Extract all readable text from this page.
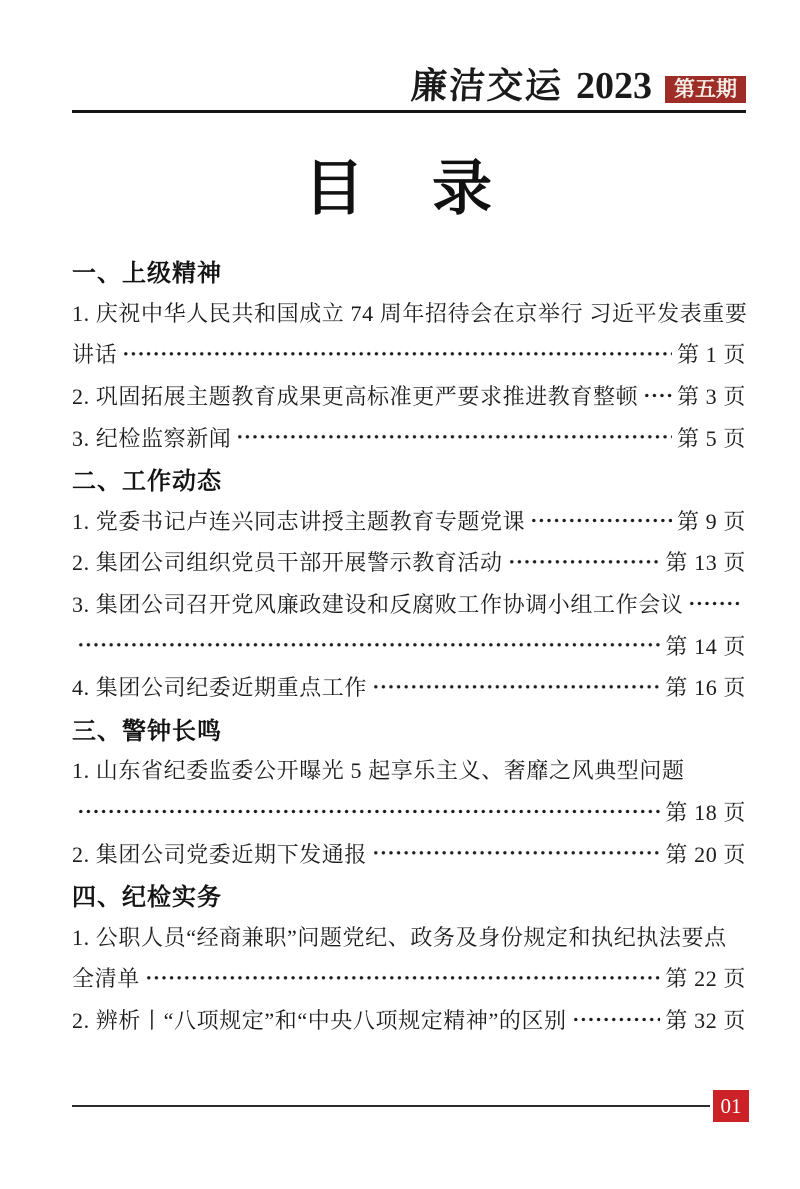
廉洁交运 2023	第五期
目　录
一、上级精神
1. 庆祝中华人民共和国成立 74 周年招待会在京举行 习近平发表重要
讲话	第 1 页
2. 巩固拓展主题教育成果更高标准更严要求推进教育整顿 第 3 页
3. 纪检监察新闻	第 5 页
二、工作动态
1. 党委书记卢连兴同志讲授主题教育专题党课	第 9 页
2. 集团公司组织党员干部开展警示教育活动	第 13 页
3. 集团公司召开党风廉政建设和反腐败工作协调小组工作会议
第 14 页
4. 集团公司纪委近期重点工作	第 16 页
三、警钟长鸣
1. 山东省纪委监委公开曝光 5 起享乐主义、奢靡之风典型问题
第 18 页
2. 集团公司党委近期下发通报	第 20 页
四、纪检实务
1. 公职人员“经商兼职”问题党纪、政务及身份规定和执纪执法要点
全清单	第 22 页
2. 辨析丨“八项规定”和“中央八项规定精神”的区别	第 32 页
01
